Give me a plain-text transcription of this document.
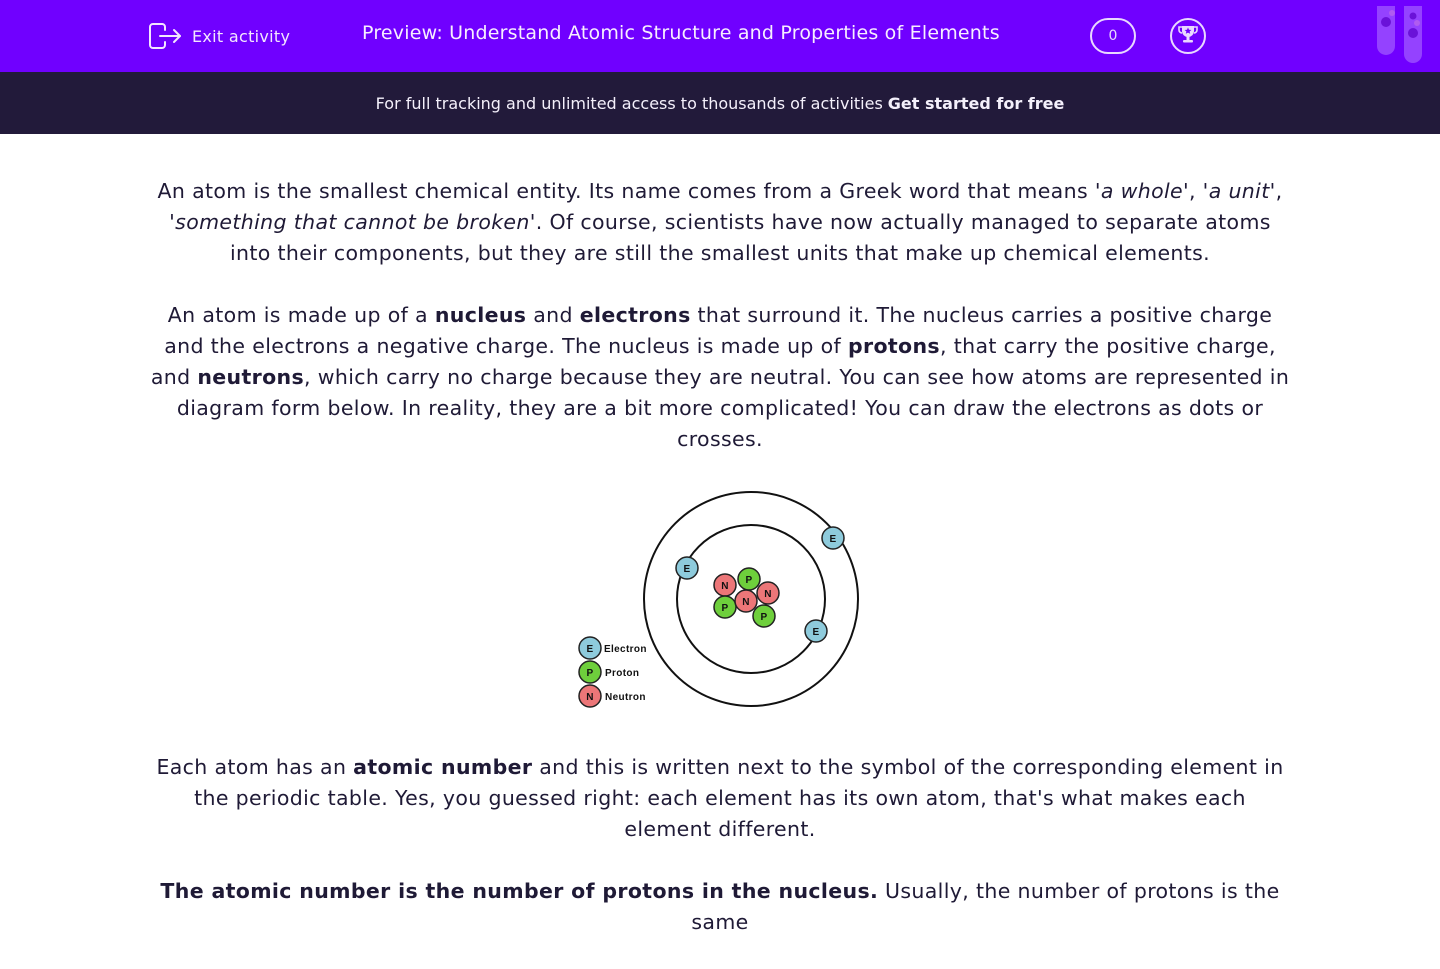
Exit activity	Preview: Understand Atomic Structure and Properties of Elements	0
For full tracking and unlimited access to thousands of activities Get started for free

An atom is the smallest chemical entity. Its name comes from a Greek word that means 'a whole', 'a unit', 'something that cannot be broken'. Of course, scientists have now actually managed to separate atoms into their components, but they are still the smallest units that make up chemical elements.

An atom is made up of a nucleus and electrons that surround it. The nucleus carries a positive charge and the electrons a negative charge. The nucleus is made up of protons, that carry the positive charge, and neutrons, which carry no charge because they are neutral. You can see how atoms are represented in diagram form below. In reality, they are a bit more complicated! You can draw the electrons as dots or crosses.

E
E
E
N
P
N
P
N
P
E Electron
P Proton
N Neutron

Each atom has an atomic number and this is written next to the symbol of the corresponding element in the periodic table. Yes, you guessed right: each element has its own atom, that's what makes each element different.

The atomic number is the number of protons in the nucleus. Usually, the number of protons is the same
